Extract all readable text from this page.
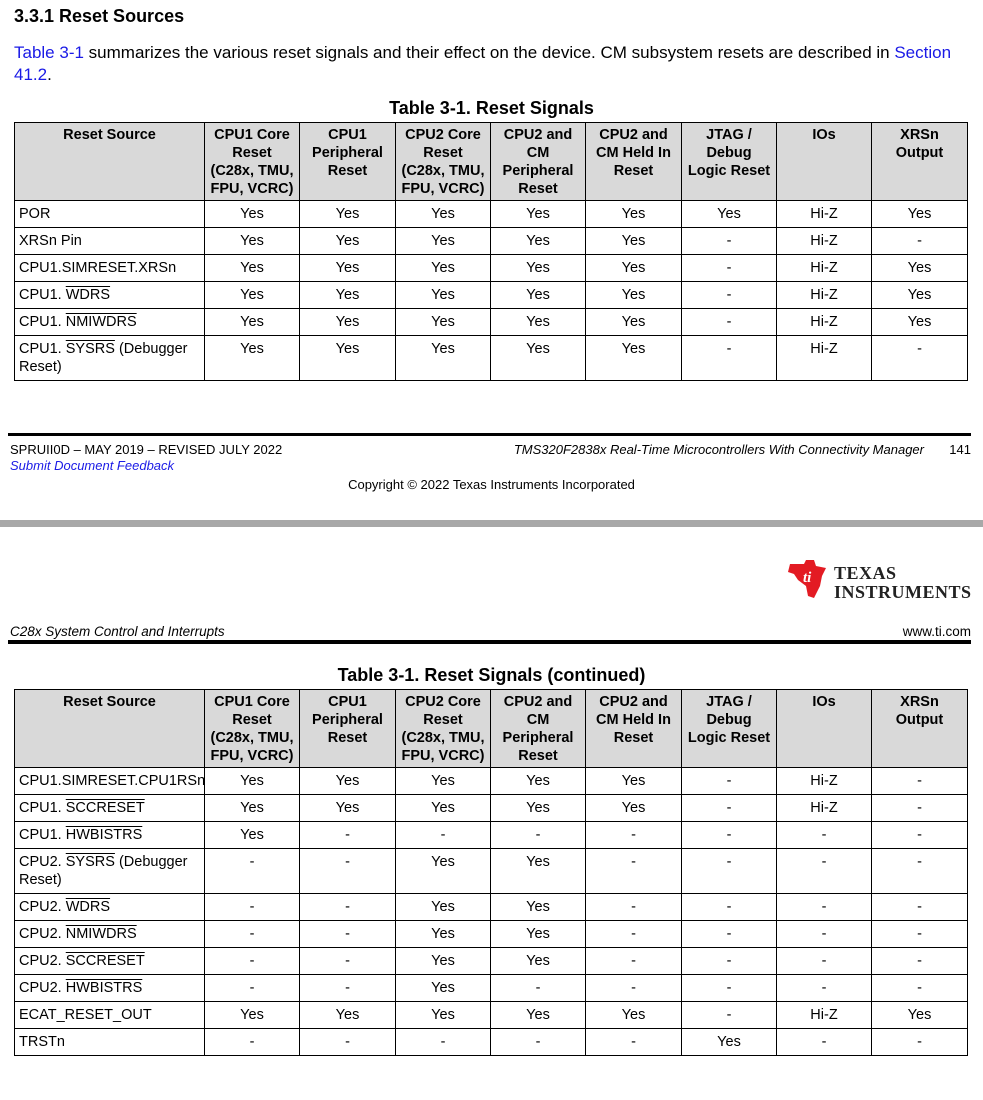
3.3.1 Reset Sources

Table 3-1 summarizes the various reset signals and their effect on the device. CM subsystem resets are described in Section 41.2.

Table 3-1. Reset Signals

Reset Source	CPU1 Core Reset (C28x, TMU, FPU, VCRC)	CPU1 Peripheral Reset	CPU2 Core Reset (C28x, TMU, FPU, VCRC)	CPU2 and CM Peripheral Reset	CPU2 and CM Held In Reset	JTAG / Debug Logic Reset	IOs	XRSn Output
POR	Yes	Yes	Yes	Yes	Yes	Yes	Hi-Z	Yes
XRSn Pin	Yes	Yes	Yes	Yes	Yes	-	Hi-Z	-
CPU1.SIMRESET.XRSn	Yes	Yes	Yes	Yes	Yes	-	Hi-Z	Yes
CPU1. WDRS	Yes	Yes	Yes	Yes	Yes	-	Hi-Z	Yes
CPU1. NMIWDRS	Yes	Yes	Yes	Yes	Yes	-	Hi-Z	Yes
CPU1. SYSRS (Debugger Reset)	Yes	Yes	Yes	Yes	Yes	-	Hi-Z	-
SPRUII0D – MAY 2019 – REVISED JULY 2022
Submit Document Feedback
TMS320F2838x Real-Time Microcontrollers With Connectivity Manager 141
Copyright © 2022 Texas Instruments Incorporated
ti TEXAS
INSTRUMENTS
C28x System Control and Interrupts	www.ti.com

Table 3-1. Reset Signals (continued)

Reset Source	CPU1 Core Reset (C28x, TMU, FPU, VCRC)	CPU1 Peripheral Reset	CPU2 Core Reset (C28x, TMU, FPU, VCRC)	CPU2 and CM Peripheral Reset	CPU2 and CM Held In Reset	JTAG / Debug Logic Reset	IOs	XRSn Output
CPU1.SIMRESET.CPU1RSn	Yes	Yes	Yes	Yes	Yes	-	Hi-Z	-
CPU1. SCCRESET	Yes	Yes	Yes	Yes	Yes	-	Hi-Z	-
CPU1. HWBISTRS	Yes	-	-	-	-	-	-	-
CPU2. SYSRS (Debugger Reset)	-	-	Yes	Yes	-	-	-	-
CPU2. WDRS	-	-	Yes	Yes	-	-	-	-
CPU2. NMIWDRS	-	-	Yes	Yes	-	-	-	-
CPU2. SCCRESET	-	-	Yes	Yes	-	-	-	-
CPU2. HWBISTRS	-	-	Yes	-	-	-	-	-
ECAT_RESET_OUT	Yes	Yes	Yes	Yes	Yes	-	Hi-Z	Yes
TRSTn	-	-	-	-	-	Yes	-	-
